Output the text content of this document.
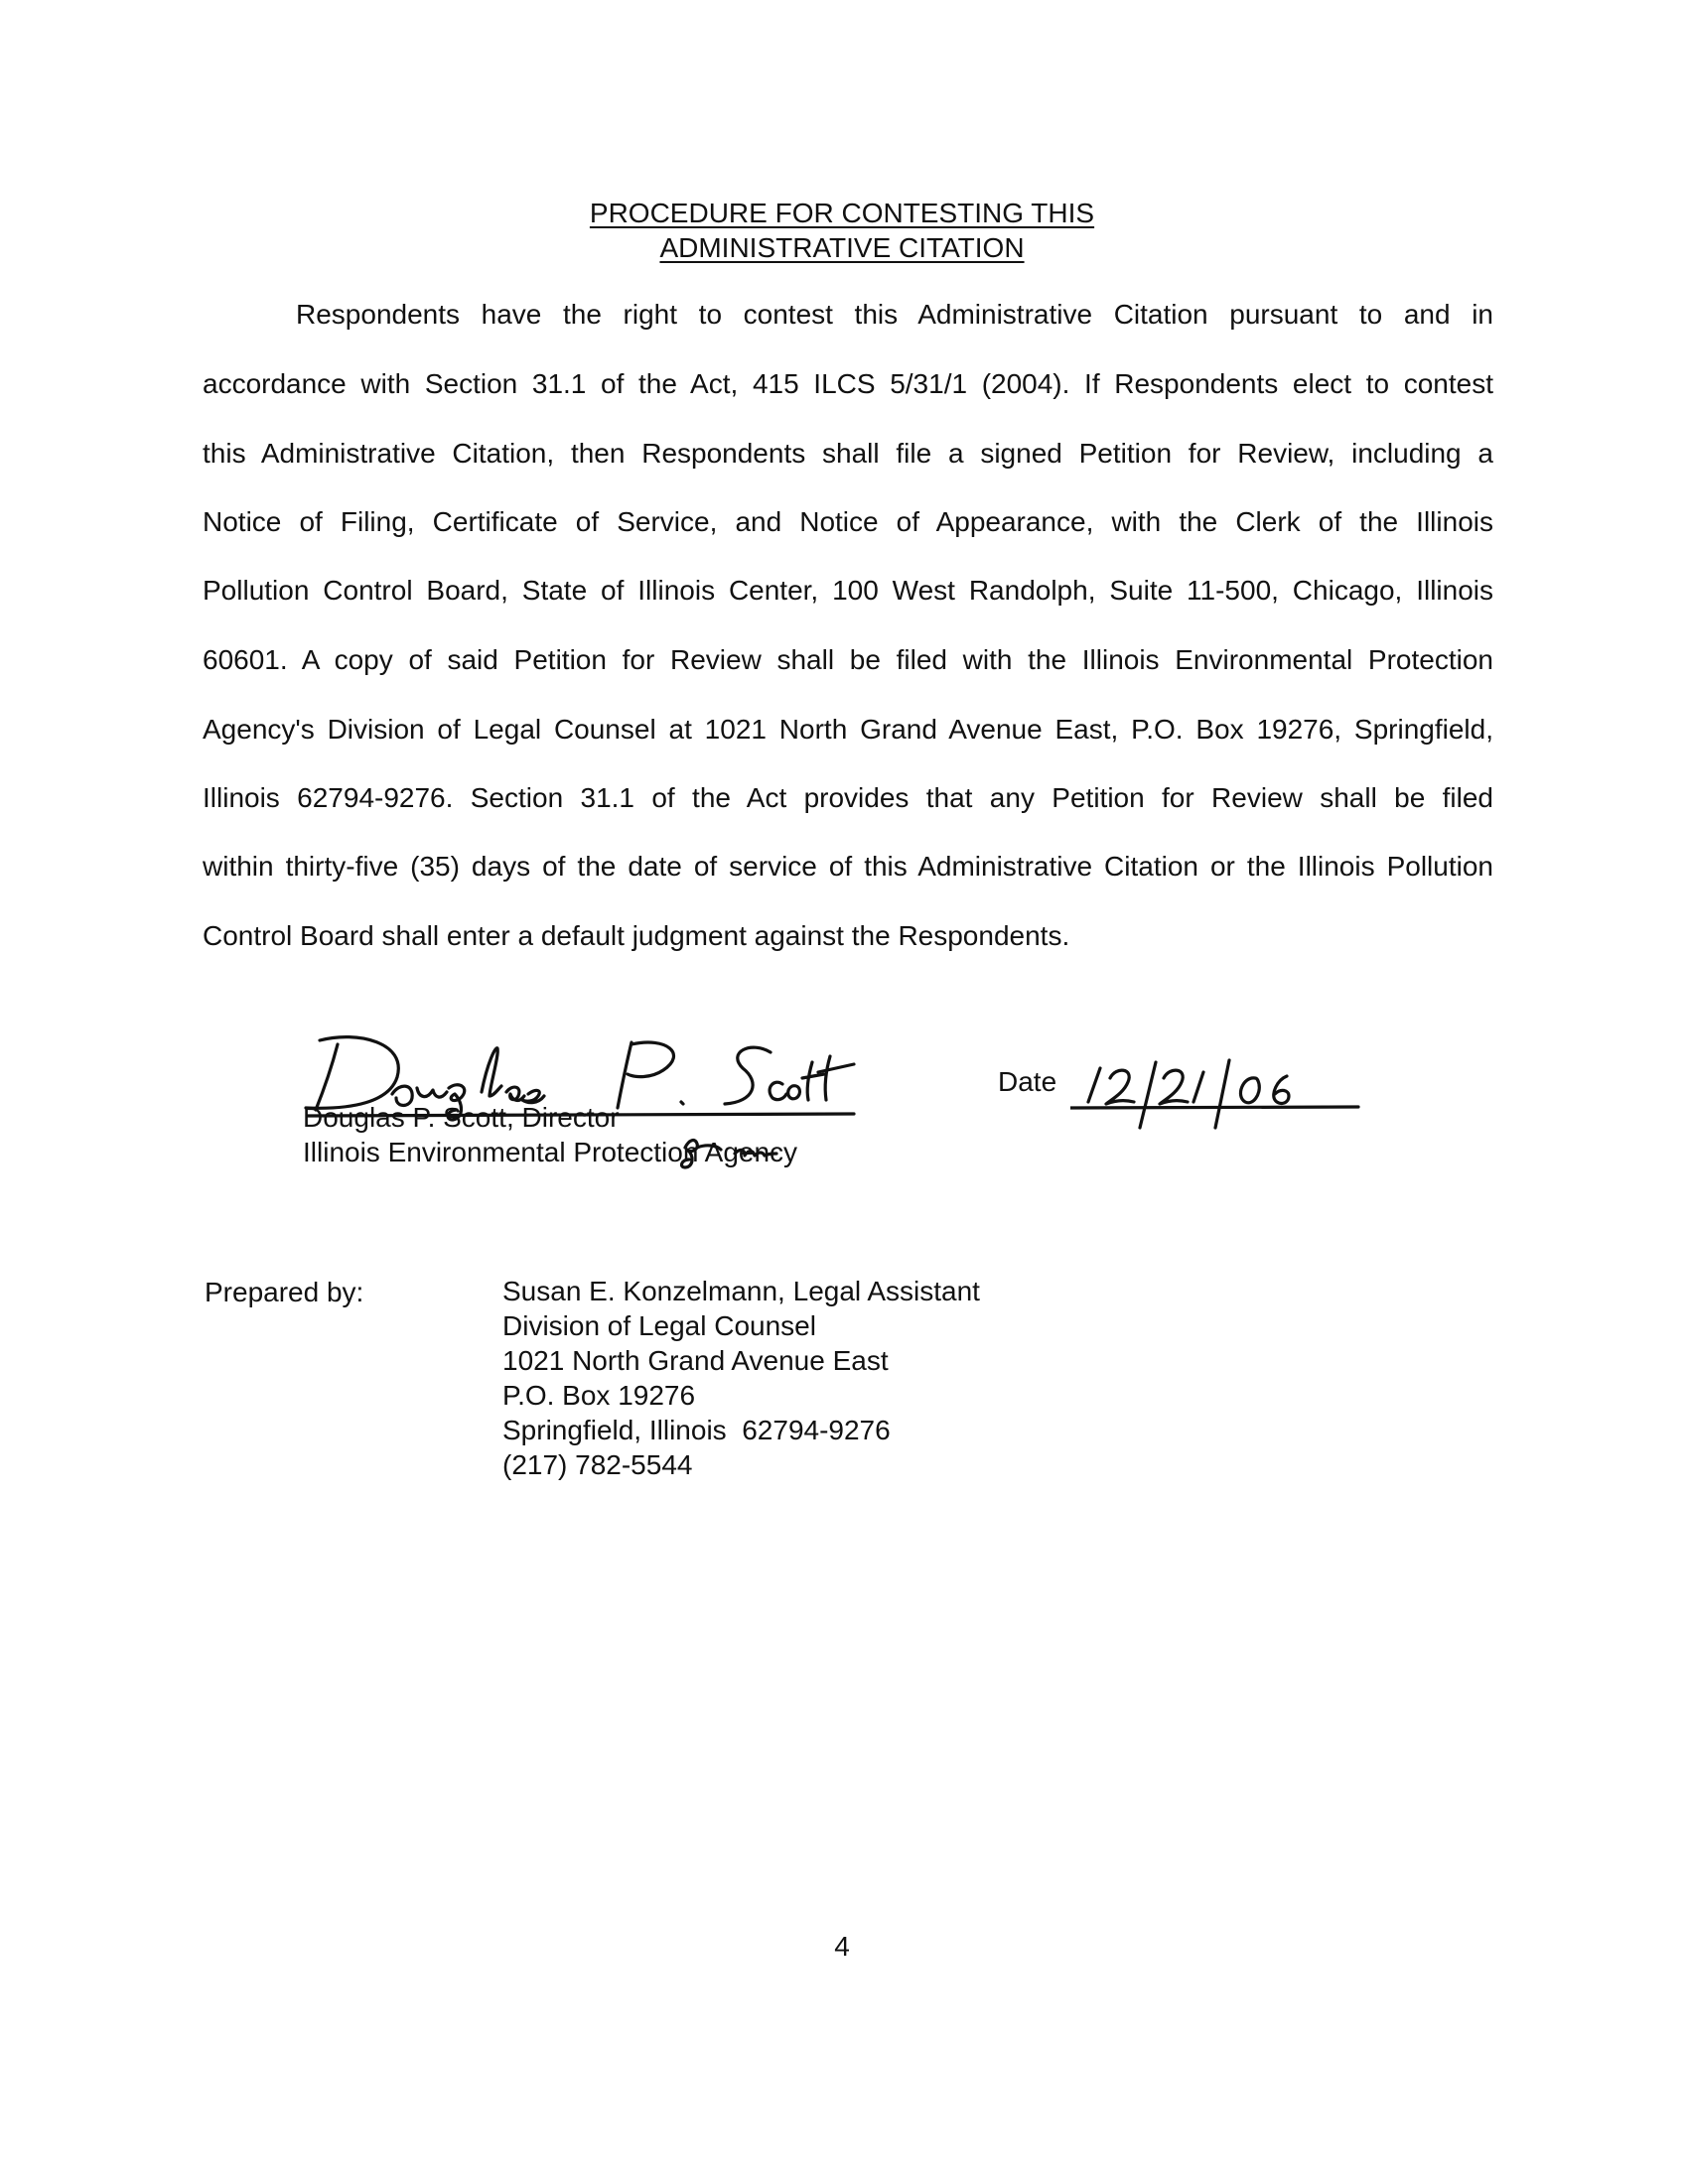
PROCEDURE FOR CONTESTING THIS
ADMINISTRATIVE CITATION
Respondents have the right to contest this Administrative Citation pursuant to and in
accordance with Section 31.1 of the Act, 415 ILCS 5/31/1 (2004). If Respondents elect to contest
this Administrative Citation, then Respondents shall file a signed Petition for Review, including a
Notice of Filing, Certificate of Service, and Notice of Appearance, with the Clerk of the Illinois
Pollution Control Board, State of Illinois Center, 100 West Randolph, Suite 11-500, Chicago, Illinois
60601. A copy of said Petition for Review shall be filed with the Illinois Environmental Protection
Agency's Division of Legal Counsel at 1021 North Grand Avenue East, P.O. Box 19276, Springfield,
Illinois 62794-9276. Section 31.1 of the Act provides that any Petition for Review shall be filed
within thirty-five (35) days of the date of service of this Administrative Citation or the Illinois Pollution
Control Board shall enter a default judgment against the Respondents.
Douglas P. Scott, Director
Illinois Environmental Protection Agency
Date
Prepared by:	Susan E. Konzelmann, Legal Assistant
Division of Legal Counsel
1021 North Grand Avenue East
P.O. Box 19276
Springfield, Illinois  62794-9276
(217) 782-5544
4
